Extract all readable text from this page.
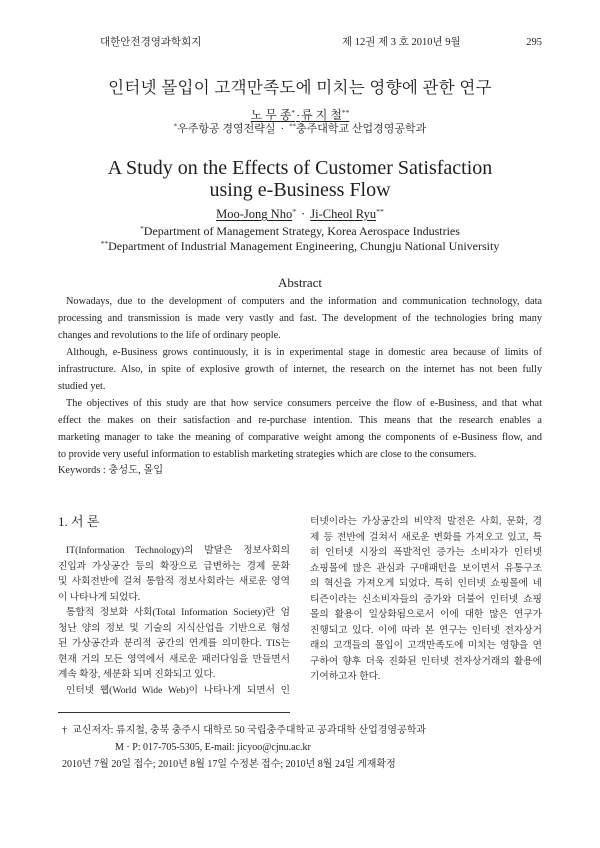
대한안전경영과학회지	제 12권 제 3 호 2010년 9월	295
인터넷 몰입이 고객만족도에 미치는 영향에 관한 연구
노 무 종*·류 지 철**
*우주항공 경영전략실 · **충주대학교 산업경영공학과
A Study on the Effects of Customer Satisfaction
using e-Business Flow
Moo-Jong Nho* · Ji-Cheol Ryu**
*Department of Management Strategy, Korea Aerospace Industries
**Department of Industrial Management Engineering, Chungju National University
Abstract
Nowadays, due to the development of computers and the information and communication technology, data
processing and transmission is made very vastly and fast. The development of the technologies bring many
changes and revolutions to the life of ordinary people.
Although, e-Business grows continuously, it is in experimental stage in domestic area because of limits of
infrastructure. Also, in spite of explosive growth of internet, the research on the internet has not been fully
studied yet.
The objectives of this study are that how service consumers perceive the flow of e-Business, and that what
effect the makes on their satisfaction and re-purchase intention. This means that the research enables a
marketing manager to take the meaning of comparative weight among the components of e-Business flow, and
to provide very useful information to establish marketing strategies which are close to the consumers.
Keywords : 충성도, 몰입
1. 서 론
IT(Information Technology)의 발달은 정보사회의
진입과 가상공간 등의 확장으로 급변하는 경제 문화
및 사회전반에 걸쳐 통합적 정보사회라는 새로운 영역
이 나타나게 되었다.
통합적 정보화 사회(Total Information Society)란 엄
청난 양의 정보 및 기술의 지식산업을 기반으로 형성
된 가상공간과 분리적 공간의 연계를 의미한다. TIS는
현재 거의 모든 영역에서 새로운 패러다임을 만들면서
계속 확장, 세분화 되며 진화되고 있다.
인터넷 웹(World Wide Web)이 나타나게 되면서 인
터넷이라는 가상공간의 비약적 발전은 사회, 문화, 경
제 등 전반에 걸쳐서 새로운 변화를 가져오고 있고, 특
히 인터넷 시장의 폭발적인 증가는 소비자가 인터넷
쇼핑몰에 많은 관심과 구매패턴을 보이면서 유통구조
의 혁신을 가져오게 되었다. 특히 인터넷 쇼핑몰에 네
티즌이라는 신소비자들의 증가와 더불어 인터넷 쇼핑
몰의 활용이 일상화됨으로서 이에 대한 많은 연구가
진행되고 있다. 이에 따라 본 연구는 인터넷 전자상거
래의 고객들의 몰입이 고객만족도에 미치는 영향을 연
구하여 향후 더욱 진화된 인터넷 전자상거래의 활용에
기여하고자 한다.
† 교신저자: 류지철, 충북 충주시 대학로 50 국립충주대학교 공과대학 산업경영공학과
M · P: 017-705-5305, E-mail: jicyoo@cjnu.ac.kr
2010년 7월 20일 접수; 2010년 8월 17일 수정본 접수; 2010년 8월 24일 게재확정
